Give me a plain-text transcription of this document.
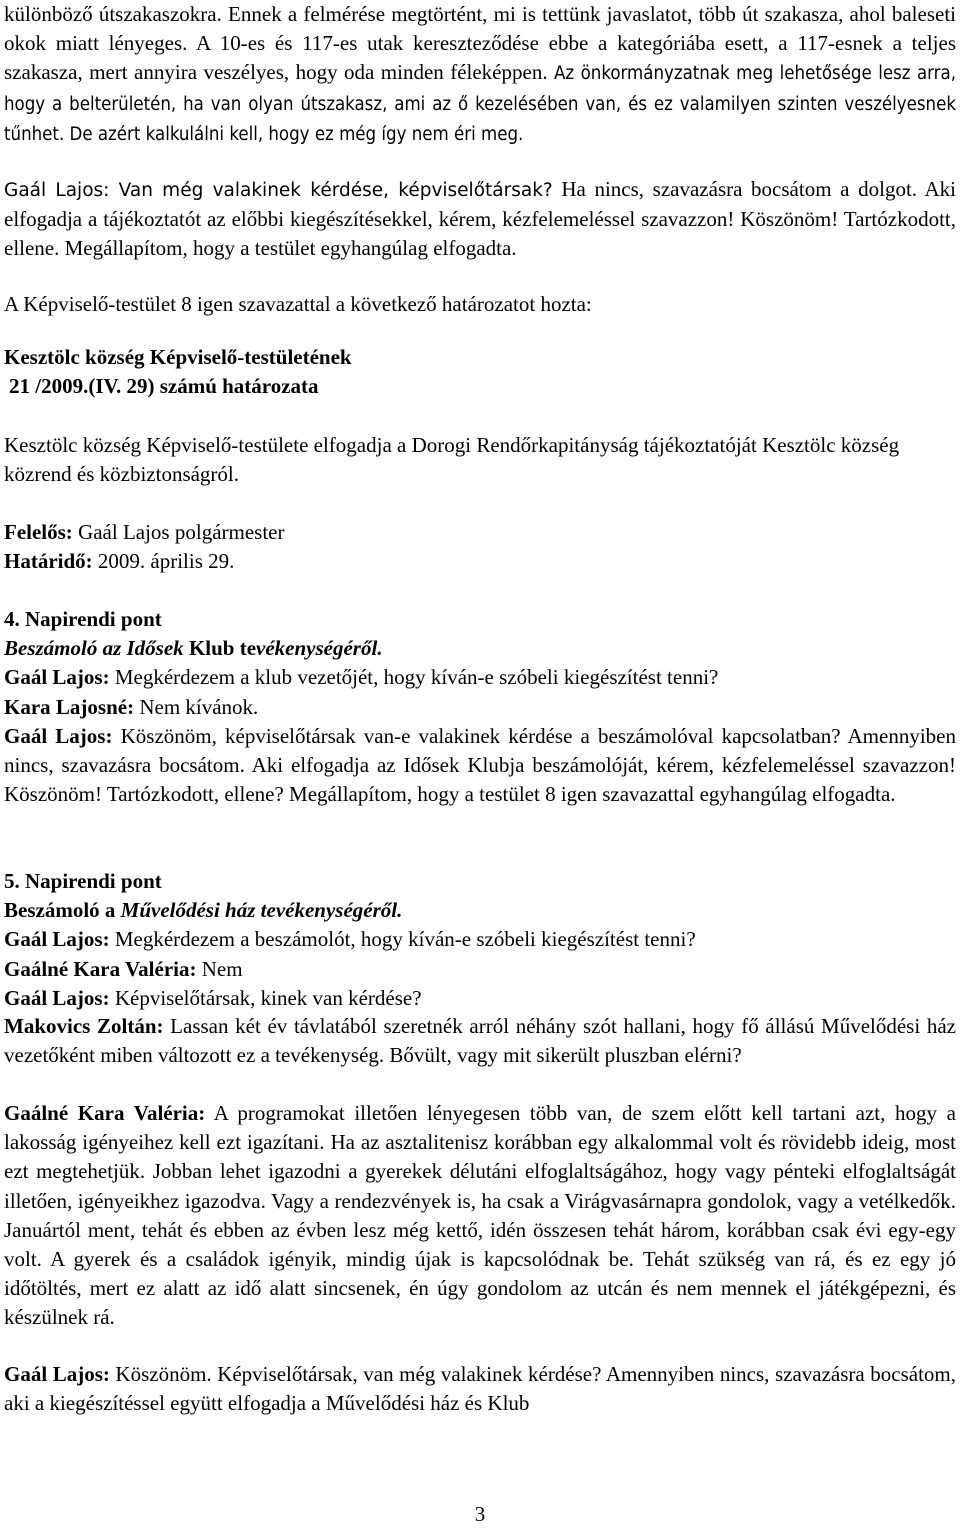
különböző útszakaszokra. Ennek a felmérése megtörtént, mi is tettünk javaslatot, több út szakasza, ahol baleseti okok miatt lényeges. A 10-es és 117-es utak kereszteződése ebbe a kategóriába esett, a 117-esnek a teljes szakasza, mert annyira veszélyes, hogy oda minden féleképpen. Az önkormányzatnak meg lehetősége lesz arra, hogy a belterületén, ha van olyan útszakasz, ami az ő kezelésében van, és ez valamilyen szinten veszélyesnek tűnhet. De azért kalkulálni kell, hogy ez még így nem éri meg.

Gaál Lajos: Van még valakinek kérdése, képviselőtársak? Ha nincs, szavazásra bocsátom a dolgot. Aki elfogadja a tájékoztatót az előbbi kiegészítésekkel, kérem, kézfelemeléssel szavazzon! Köszönöm! Tartózkodott, ellene. Megállapítom, hogy a testület egyhangúlag elfogadta.

A Képviselő-testület 8 igen szavazattal a következő határozatot hozta:

Kesztölc község Képviselő-testületének
21 /2009.(IV. 29) számú határozata

Kesztölc község Képviselő-testülete elfogadja a Dorogi Rendőrkapitányság tájékoztatóját Kesztölc község közrend és közbiztonságról.

Felelős: Gaál Lajos polgármester
Határidő: 2009. április 29.

4. Napirendi pont
Beszámoló az Idősek Klub tevékenységéről.
Gaál Lajos: Megkérdezem a klub vezetőjét, hogy kíván-e szóbeli kiegészítést tenni?
Kara Lajosné: Nem kívánok.

Gaál Lajos: Köszönöm, képviselőtársak van-e valakinek kérdése a beszámolóval kapcsolatban? Amennyiben nincs, szavazásra bocsátom. Aki elfogadja az Idősek Klubja beszámolóját, kérem, kézfelemeléssel szavazzon! Köszönöm! Tartózkodott, ellene? Megállapítom, hogy a testület 8 igen szavazattal egyhangúlag elfogadta.

5. Napirendi pont
Beszámoló a Művelődési ház tevékenységéről.
Gaál Lajos: Megkérdezem a beszámolót, hogy kíván-e szóbeli kiegészítést tenni?
Gaálné Kara Valéria: Nem
Gaál Lajos: Képviselőtársak, kinek van kérdése?

Makovics Zoltán: Lassan két év távlatából szeretnék arról néhány szót hallani, hogy fő állású Művelődési ház vezetőként miben változott ez a tevékenység. Bővült, vagy mit sikerült pluszban elérni?

Gaálné Kara Valéria: A programokat illetően lényegesen több van, de szem előtt kell tartani azt, hogy a lakosság igényeihez kell ezt igazítani. Ha az asztalitenisz korábban egy alkalommal volt és rövidebb ideig, most ezt megtehetjük. Jobban lehet igazodni a gyerekek délutáni elfoglaltságához, hogy vagy pénteki elfoglaltságát illetően, igényeikhez igazodva. Vagy a rendezvények is, ha csak a Virágvasárnapra gondolok, vagy a vetélkedők. Januártól ment, tehát és ebben az évben lesz még kettő, idén összesen tehát három, korábban csak évi egy-egy volt. A gyerek és a családok igényik, mindig újak is kapcsolódnak be. Tehát szükség van rá, és ez egy jó időtöltés, mert ez alatt az idő alatt sincsenek, én úgy gondolom az utcán és nem mennek el játékgépezni, és készülnek rá.

Gaál Lajos: Köszönöm. Képviselőtársak, van még valakinek kérdése? Amennyiben nincs, szavazásra bocsátom, aki a kiegészítéssel együtt elfogadja a Művelődési ház és Klub

3
